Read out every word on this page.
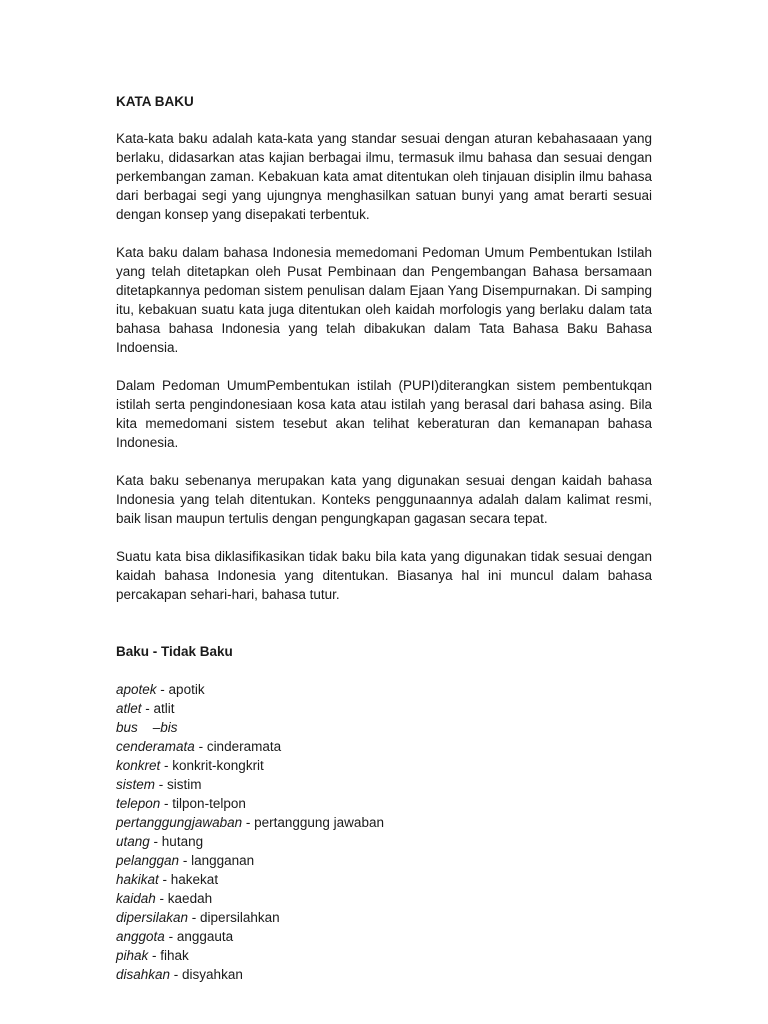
KATA BAKU

Kata-kata baku adalah kata-kata yang standar sesuai dengan aturan kebahasaaan yang berlaku, didasarkan atas kajian berbagai ilmu, termasuk ilmu bahasa dan sesuai dengan perkembangan zaman. Kebakuan kata amat ditentukan oleh tinjauan disiplin ilmu bahasa dari berbagai segi yang ujungnya menghasilkan satuan bunyi yang amat berarti sesuai dengan konsep yang disepakati terbentuk.

Kata baku dalam bahasa Indonesia memedomani Pedoman Umum Pembentukan Istilah yang telah ditetapkan oleh Pusat Pembinaan dan Pengembangan Bahasa bersamaan ditetapkannya pedoman sistem penulisan dalam Ejaan Yang Disempurnakan. Di samping itu, kebakuan suatu kata juga ditentukan oleh kaidah morfologis yang berlaku dalam tata bahasa bahasa Indonesia yang telah dibakukan dalam Tata Bahasa Baku Bahasa Indoensia.

Dalam Pedoman UmumPembentukan istilah (PUPI)diterangkan sistem pembentukqan istilah serta pengindonesiaan kosa kata atau istilah yang berasal dari bahasa asing. Bila kita memedomani sistem tesebut akan telihat keberaturan dan kemanapan bahasa Indonesia.

Kata baku sebenanya merupakan kata yang digunakan sesuai dengan kaidah bahasa Indonesia yang telah ditentukan. Konteks penggunaannya adalah dalam kalimat resmi, baik lisan maupun tertulis dengan pengungkapan gagasan secara tepat.

Suatu kata bisa diklasifikasikan tidak baku bila kata yang digunakan tidak sesuai dengan kaidah bahasa Indonesia yang ditentukan. Biasanya hal ini muncul dalam bahasa percakapan sehari-hari, bahasa tutur.

Baku - Tidak Baku
apotek - apotik
atlet - atlit
bus    –bis
cenderamata - cinderamata
konkret - konkrit-kongkrit
sistem - sistim
telepon - tilpon-telpon
pertanggungjawaban - pertanggung jawaban
utang - hutang
pelanggan - langganan
hakikat - hakekat
kaidah - kaedah
dipersilakan - dipersilahkan
anggota - anggauta
pihak - fihak
disahkan - disyahkan
